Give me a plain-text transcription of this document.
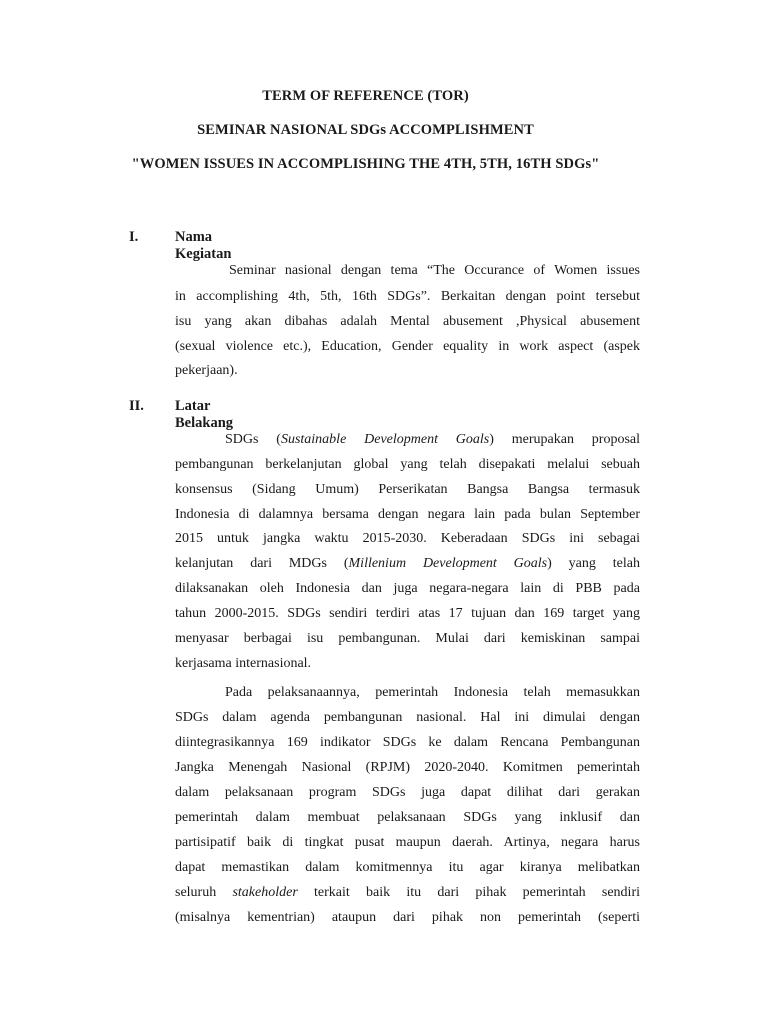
TERM OF REFERENCE (TOR)
SEMINAR NASIONAL SDGs ACCOMPLISHMENT
"WOMEN ISSUES IN ACCOMPLISHING THE 4TH, 5TH, 16TH SDGs"
I.	Nama Kegiatan
Seminar nasional dengan tema “The Occurance of Women issues
in accomplishing 4th, 5th, 16th SDGs”. Berkaitan dengan point tersebut
isu yang akan dibahas adalah Mental abusement ,Physical abusement
(sexual violence etc.), Education, Gender equality in work aspect (aspek
pekerjaan).
II. Latar Belakang
SDGs (Sustainable Development Goals) merupakan proposal
pembangunan berkelanjutan global yang telah disepakati melalui sebuah
konsensus (Sidang Umum) Perserikatan Bangsa Bangsa termasuk
Indonesia di dalamnya bersama dengan negara lain pada bulan September
2015 untuk jangka waktu 2015-2030. Keberadaan SDGs ini sebagai
kelanjutan dari MDGs (Millenium Development Goals) yang telah
dilaksanakan oleh Indonesia dan juga negara-negara lain di PBB pada
tahun 2000-2015. SDGs sendiri terdiri atas 17 tujuan dan 169 target yang
menyasar berbagai isu pembangunan. Mulai dari kemiskinan sampai
kerjasama internasional.
Pada pelaksanaannya, pemerintah Indonesia telah memasukkan
SDGs dalam agenda pembangunan nasional. Hal ini dimulai dengan
diintegrasikannya 169 indikator SDGs ke dalam Rencana Pembangunan
Jangka Menengah Nasional (RPJM) 2020-2040. Komitmen pemerintah
dalam pelaksanaan program SDGs juga dapat dilihat dari gerakan
pemerintah dalam membuat pelaksanaan SDGs yang inklusif dan
partisipatif baik di tingkat pusat maupun daerah. Artinya, negara harus
dapat memastikan dalam komitmennya itu agar kiranya melibatkan
seluruh stakeholder terkait baik itu dari pihak pemerintah sendiri
(misalnya kementrian) ataupun dari pihak non pemerintah (seperti
